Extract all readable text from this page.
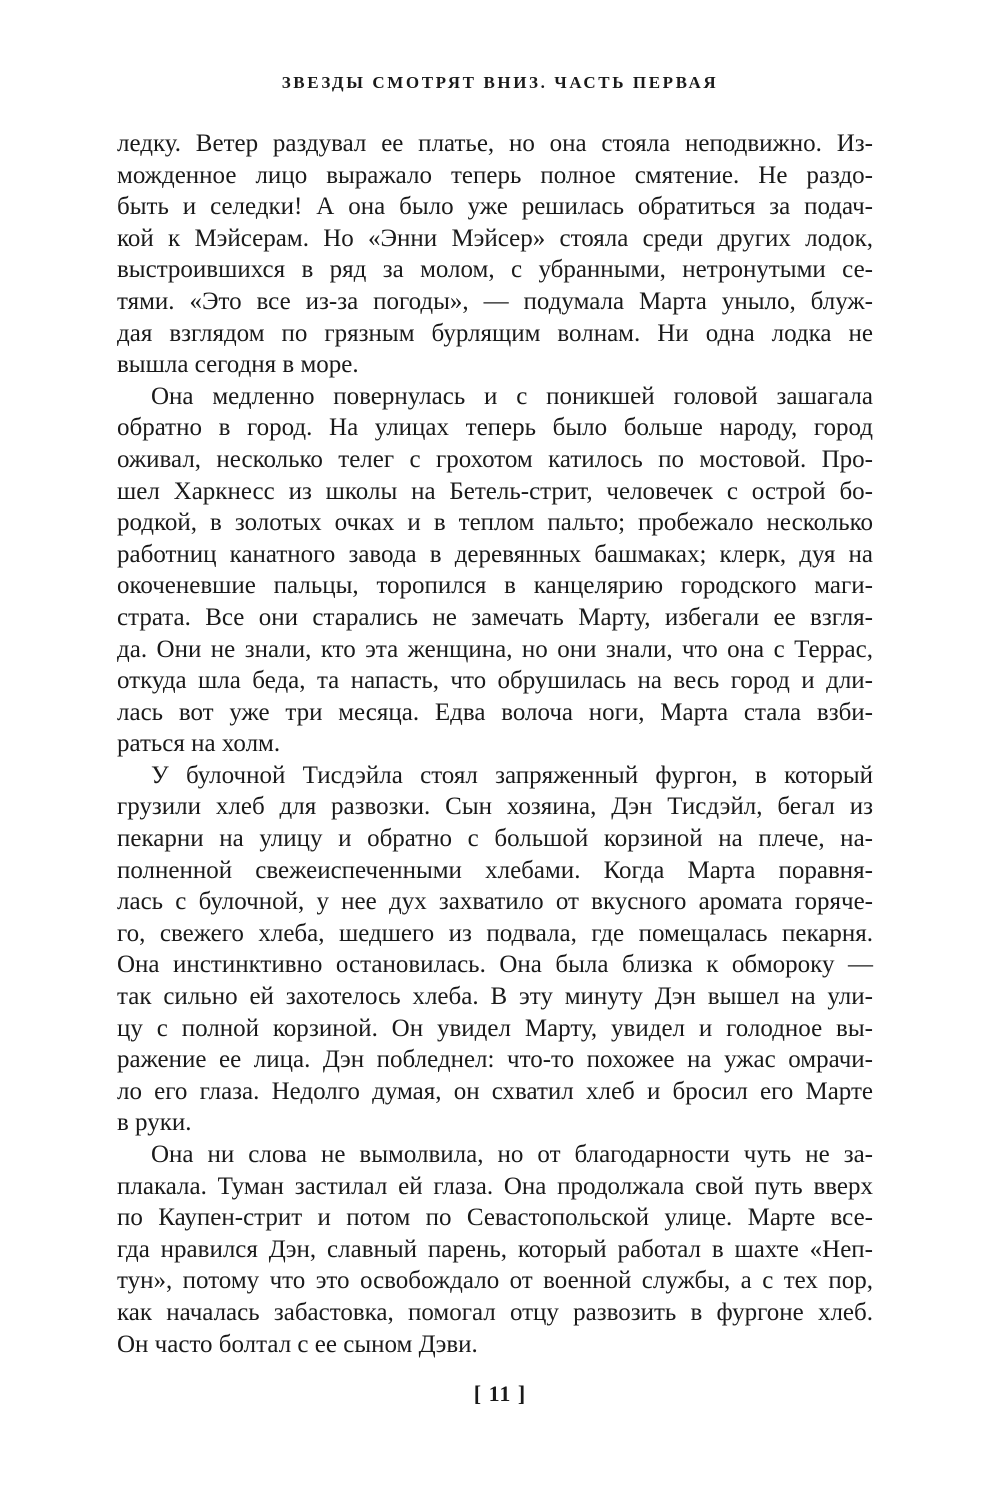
ЗВЕЗДЫ СМОТРЯТ ВНИЗ. ЧАСТЬ ПЕРВАЯ
ледку. Ветер раздувал ее платье, но она стояла неподвижно. Из-
можденное лицо выражало теперь полное смятение. Не раздо-
быть и селедки! А она было уже решилась обратиться за подач-
кой к Мэйсерам. Но «Энни Мэйсер» стояла среди других лодок,
выстроившихся в ряд за молом, с убранными, нетронутыми се-
тями. «Это все из-за погоды», — подумала Марта уныло, блуж-
дая взглядом по грязным бурлящим волнам. Ни одна лодка не
вышла сегодня в море.
Она медленно повернулась и с поникшей головой зашагала
обратно в город. На улицах теперь было больше народу, город
оживал, несколько телег с грохотом катилось по мостовой. Про-
шел Харкнесс из школы на Бетель-стрит, человечек с острой бо-
родкой, в золотых очках и в теплом пальто; пробежало несколько
работниц канатного завода в деревянных башмаках; клерк, дуя на
окоченевшие пальцы, торопился в канцелярию городского маги-
страта. Все они старались не замечать Марту, избегали ее взгля-
да. Они не знали, кто эта женщина, но они знали, что она с Террас,
откуда шла беда, та напасть, что обрушилась на весь город и дли-
лась вот уже три месяца. Едва волоча ноги, Марта стала взби-
раться на холм.
У булочной Тисдэйла стоял запряженный фургон, в который
грузили хлеб для развозки. Сын хозяина, Дэн Тисдэйл, бегал из
пекарни на улицу и обратно с большой корзиной на плече, на-
полненной свежеиспеченными хлебами. Когда Марта поравня-
лась с булочной, у нее дух захватило от вкусного аромата горяче-
го, свежего хлеба, шедшего из подвала, где помещалась пекарня.
Она инстинктивно остановилась. Она была близка к обмороку —
так сильно ей захотелось хлеба. В эту минуту Дэн вышел на ули-
цу с полной корзиной. Он увидел Марту, увидел и голодное вы-
ражение ее лица. Дэн побледнел: что-то похожее на ужас омрачи-
ло его глаза. Недолго думая, он схватил хлеб и бросил его Марте
в руки.
Она ни слова не вымолвила, но от благодарности чуть не за-
плакала. Туман застилал ей глаза. Она продолжала свой путь вверх
по Каупен-стрит и потом по Севастопольской улице. Марте все-
гда нравился Дэн, славный парень, который работал в шахте «Неп-
тун», потому что это освобождало от военной службы, а с тех пор,
как началась забастовка, помогал отцу развозить в фургоне хлеб.
Он часто болтал с ее сыном Дэви.
[ 11 ]
